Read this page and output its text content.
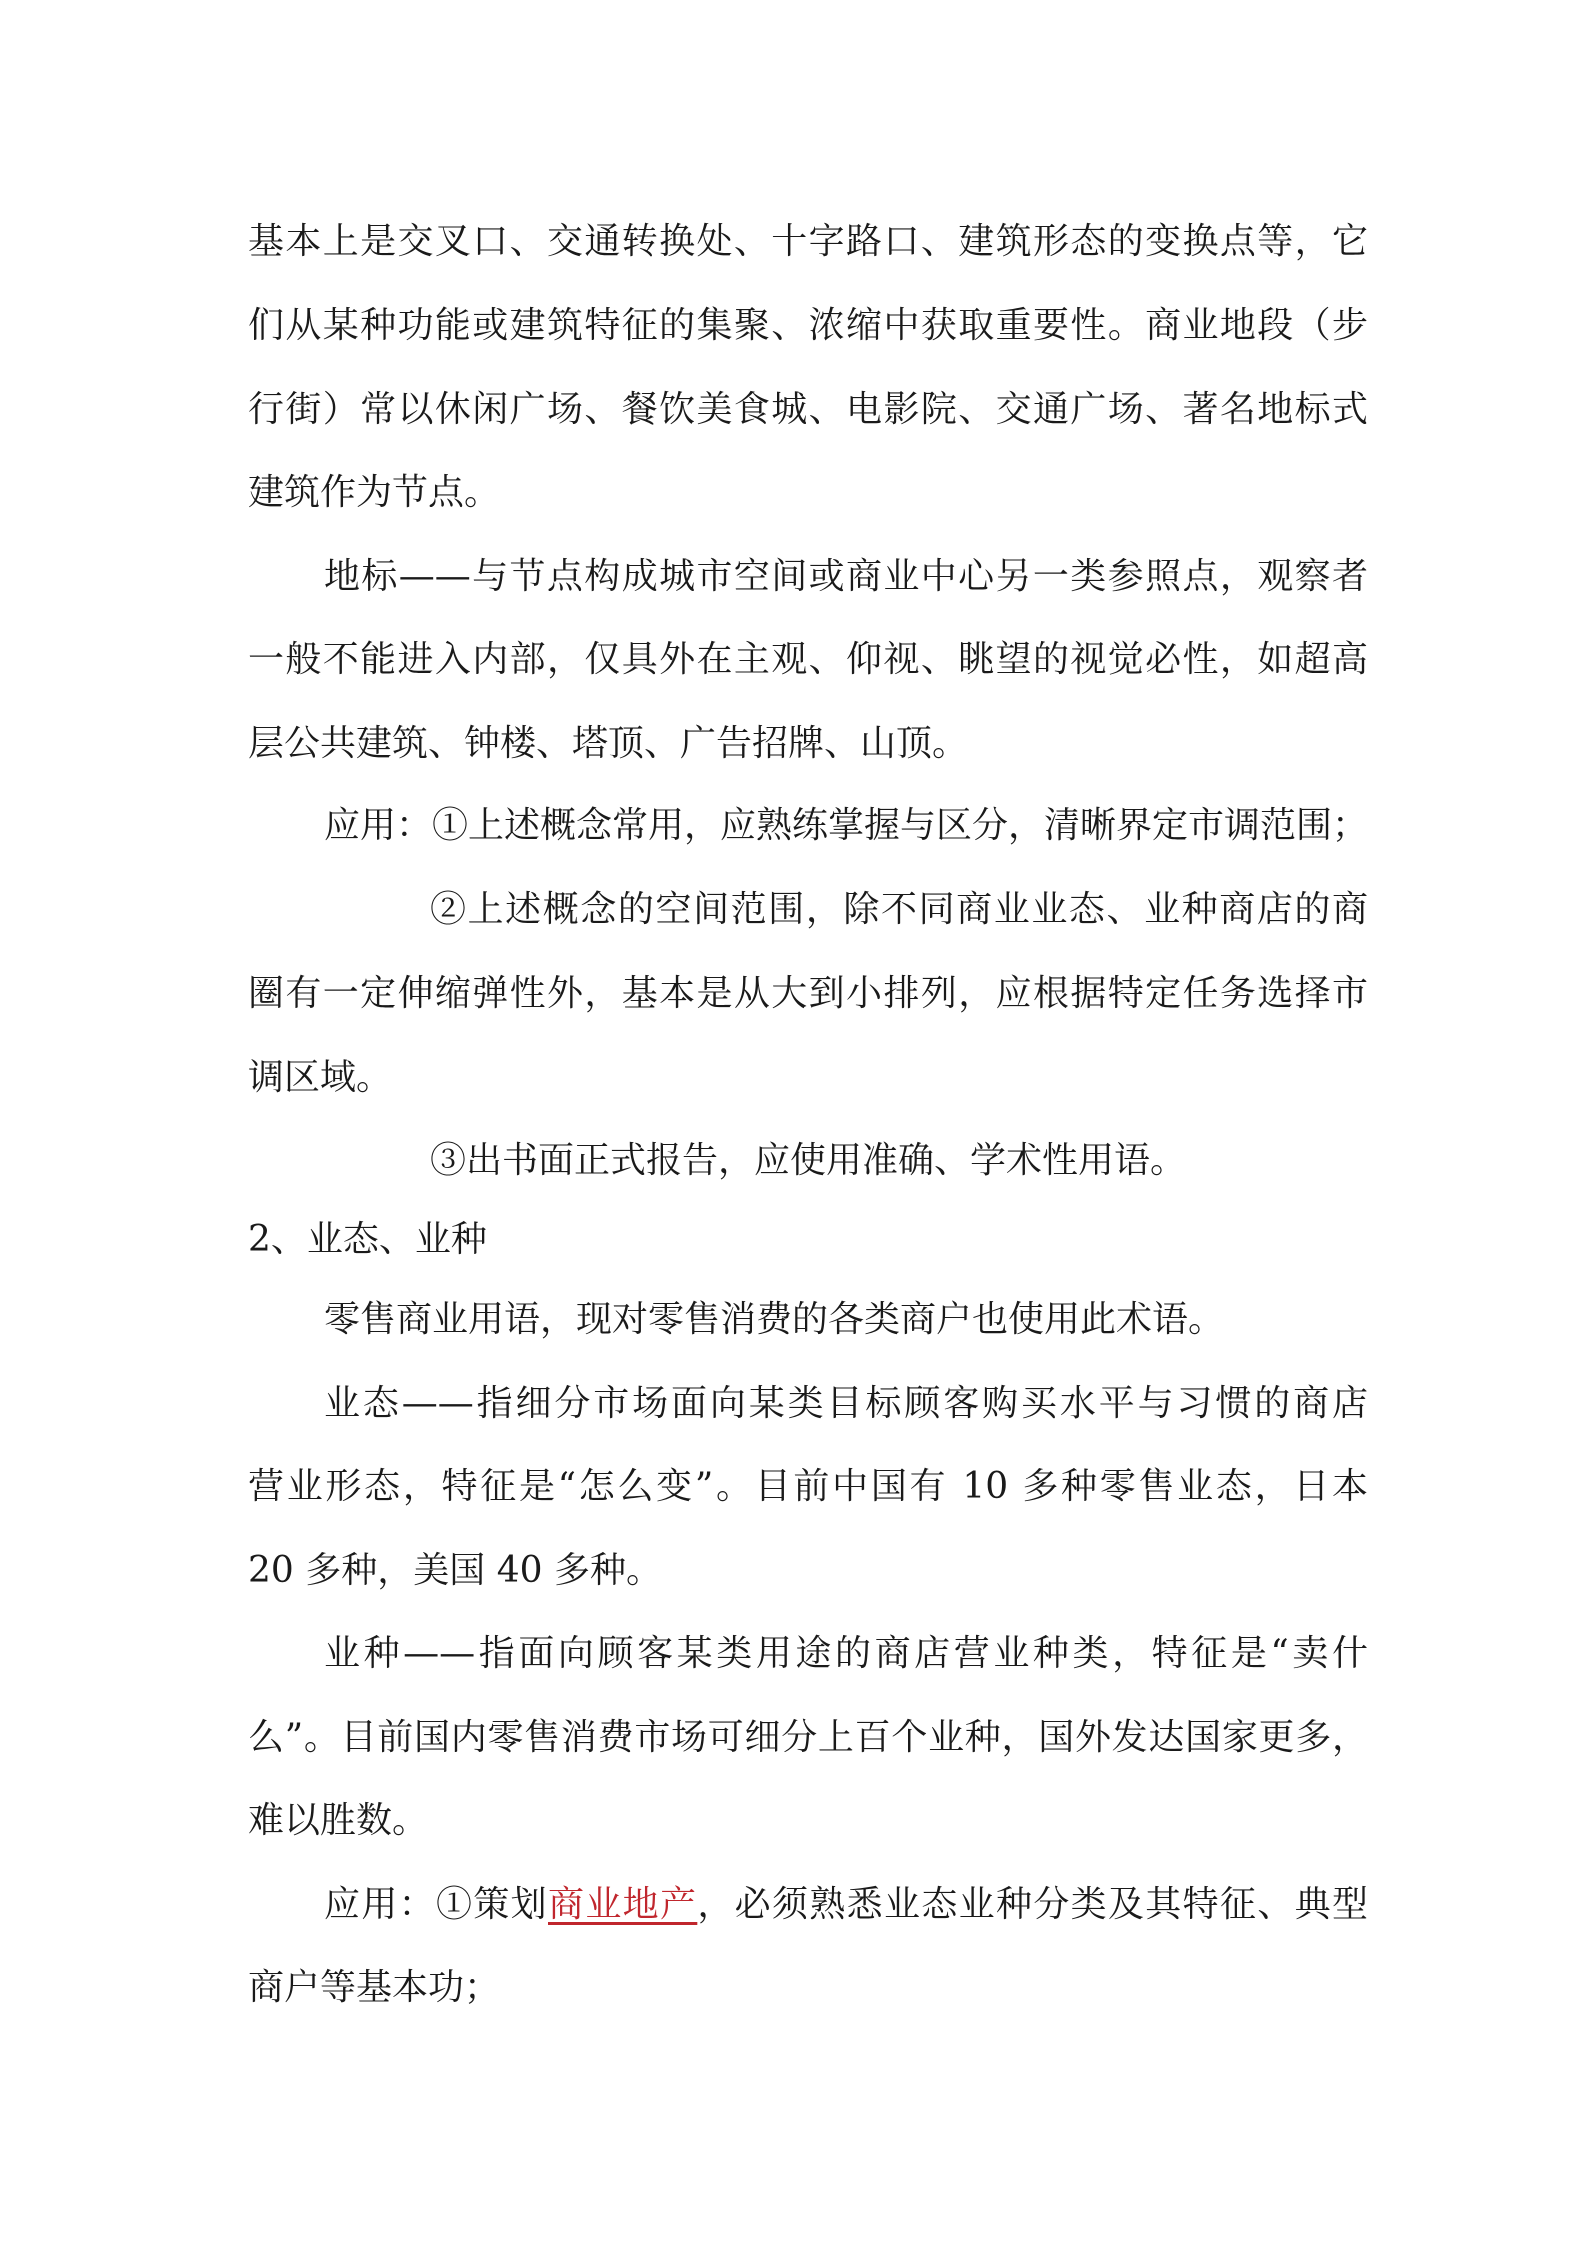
基本上是交叉口、交通转换处、十字路口、建筑形态的变换点等，它
们从某种功能或建筑特征的集聚、浓缩中获取重要性。商业地段（步
行街）常以休闲广场、餐饮美食城、电影院、交通广场、著名地标式
建筑作为节点。
地标——与节点构成城市空间或商业中心另一类参照点，观察者
一般不能进入内部，仅具外在主观、仰视、眺望的视觉必性，如超高
层公共建筑、钟楼、塔顶、广告招牌、山顶。
应用：①上述概念常用，应熟练掌握与区分，清晰界定市调范围；
②上述概念的空间范围，除不同商业业态、业种商店的商
圈有一定伸缩弹性外，基本是从大到小排列，应根据特定任务选择市
调区域。
③出书面正式报告，应使用准确、学术性用语。
2、业态、业种
零售商业用语，现对零售消费的各类商户也使用此术语。
业态——指细分市场面向某类目标顾客购买水平与习惯的商店
营业形态，特征是“怎么变”。目前中国有 10 多种零售业态，日本
20 多种，美国 40 多种。
业种——指面向顾客某类用途的商店营业种类，特征是“卖什
么”。目前国内零售消费市场可细分上百个业种，国外发达国家更多，
难以胜数。
应用：①策划商业地产，必须熟悉业态业种分类及其特征、典型
商户等基本功；
